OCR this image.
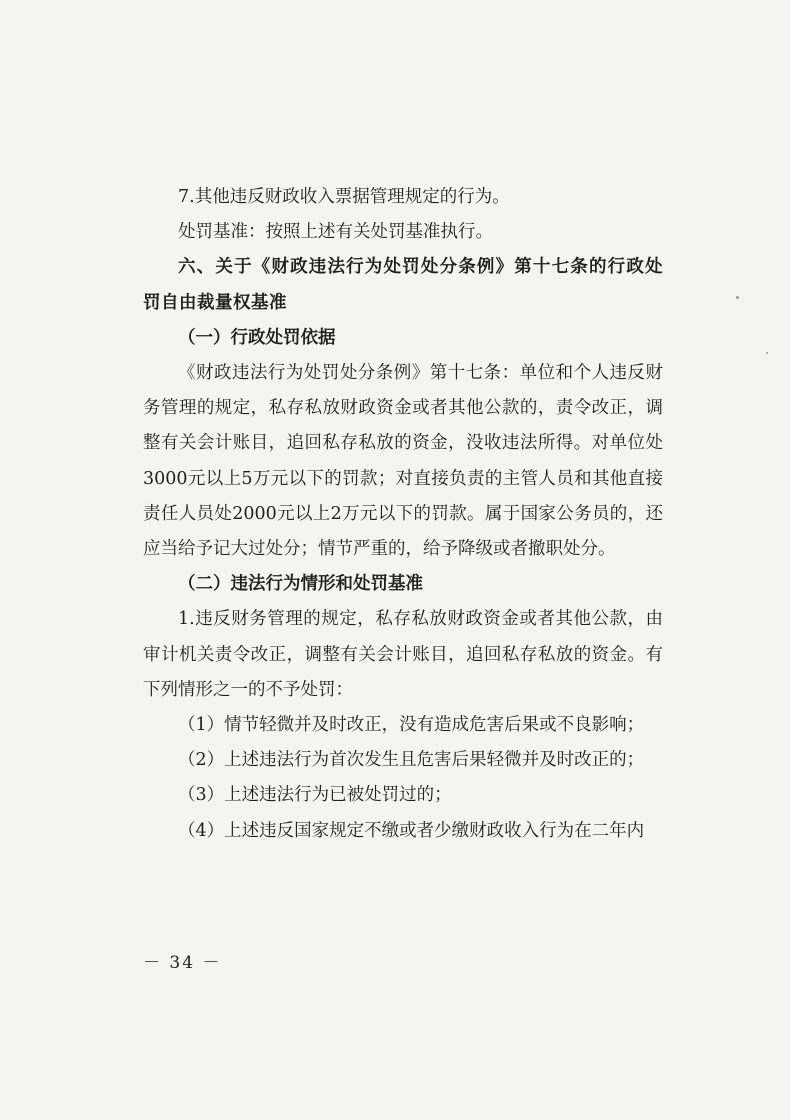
7.其他违反财政收入票据管理规定的行为。

处罚基准：按照上述有关处罚基准执行。

六、关于《财政违法行为处罚处分条例》第十七条的行政处罚自由裁量权基准

（一）行政处罚依据

《财政违法行为处罚处分条例》第十七条：单位和个人违反财务管理的规定，私存私放财政资金或者其他公款的，责令改正，调整有关会计账目，追回私存私放的资金，没收违法所得。对单位处3000元以上5万元以下的罚款；对直接负责的主管人员和其他直接责任人员处2000元以上2万元以下的罚款。属于国家公务员的，还应当给予记大过处分；情节严重的，给予降级或者撤职处分。

（二）违法行为情形和处罚基准

1.违反财务管理的规定，私存私放财政资金或者其他公款，由审计机关责令改正，调整有关会计账目，追回私存私放的资金。有下列情形之一的不予处罚：

（1）情节轻微并及时改正，没有造成危害后果或不良影响；

（2）上述违法行为首次发生且危害后果轻微并及时改正的；

（3）上述违法行为已被处罚过的；

（4）上述违反国家规定不缴或者少缴财政收入行为在二年内

－ 34 －
